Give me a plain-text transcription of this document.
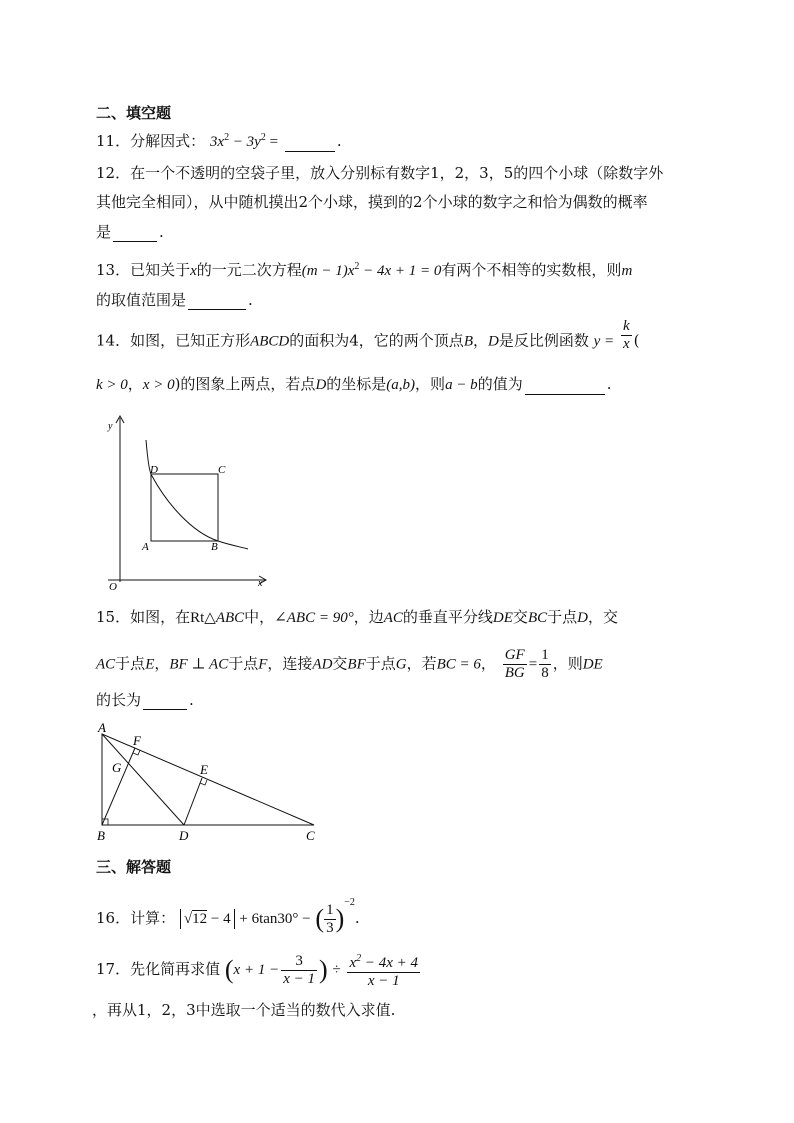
二、填空题
11．分解因式： $3x^2 - 3y^2$ =	.
12．在一个不透明的空袋子里，放入分别标有数字1，2，3，5的四个小球（除数字外
其他完全相同），从中随机摸出2个小球，摸到的2个小球的数字之和恰为偶数的概率
是	.
13．已知关于x的一元二次方程$(m - 1)x^2 - 4x + 1 = 0$有两个不相等的实数根，则m
的取值范围是	.
14．如图，已知正方形ABCD的面积为4，它的两个顶点B，D是反比例函数 $y = \frac{k}{x}$ (
k > 0，x > 0)的图象上两点，若点D的坐标是(a,b)，则a − b的值为	.
y
x
O
A	B
C
D
15．如图，在Rt△ABC中，∠ABC = 90°，边AC的垂直平分线DE交BC于点D，交
AC于点E，BF ⊥ AC于点F，连接AD交BF于点G，若BC = 6， $\frac{GF}{BG} = \frac{1}{8}$ ，则DE
的长为	.
A
B	C
D
E
F
G
三、解答题
16．计算： √12 − 4 + 6tan30° − ( $\frac{1}{3} )^{-2}$.
17．先化简再求值 ($x + 1 - \frac{3}{x - 1}$ ) ÷ $\frac{x^2 - 4x + 4}{x - 1}$
，再从1，2，3中选取一个适当的数代入求值.
